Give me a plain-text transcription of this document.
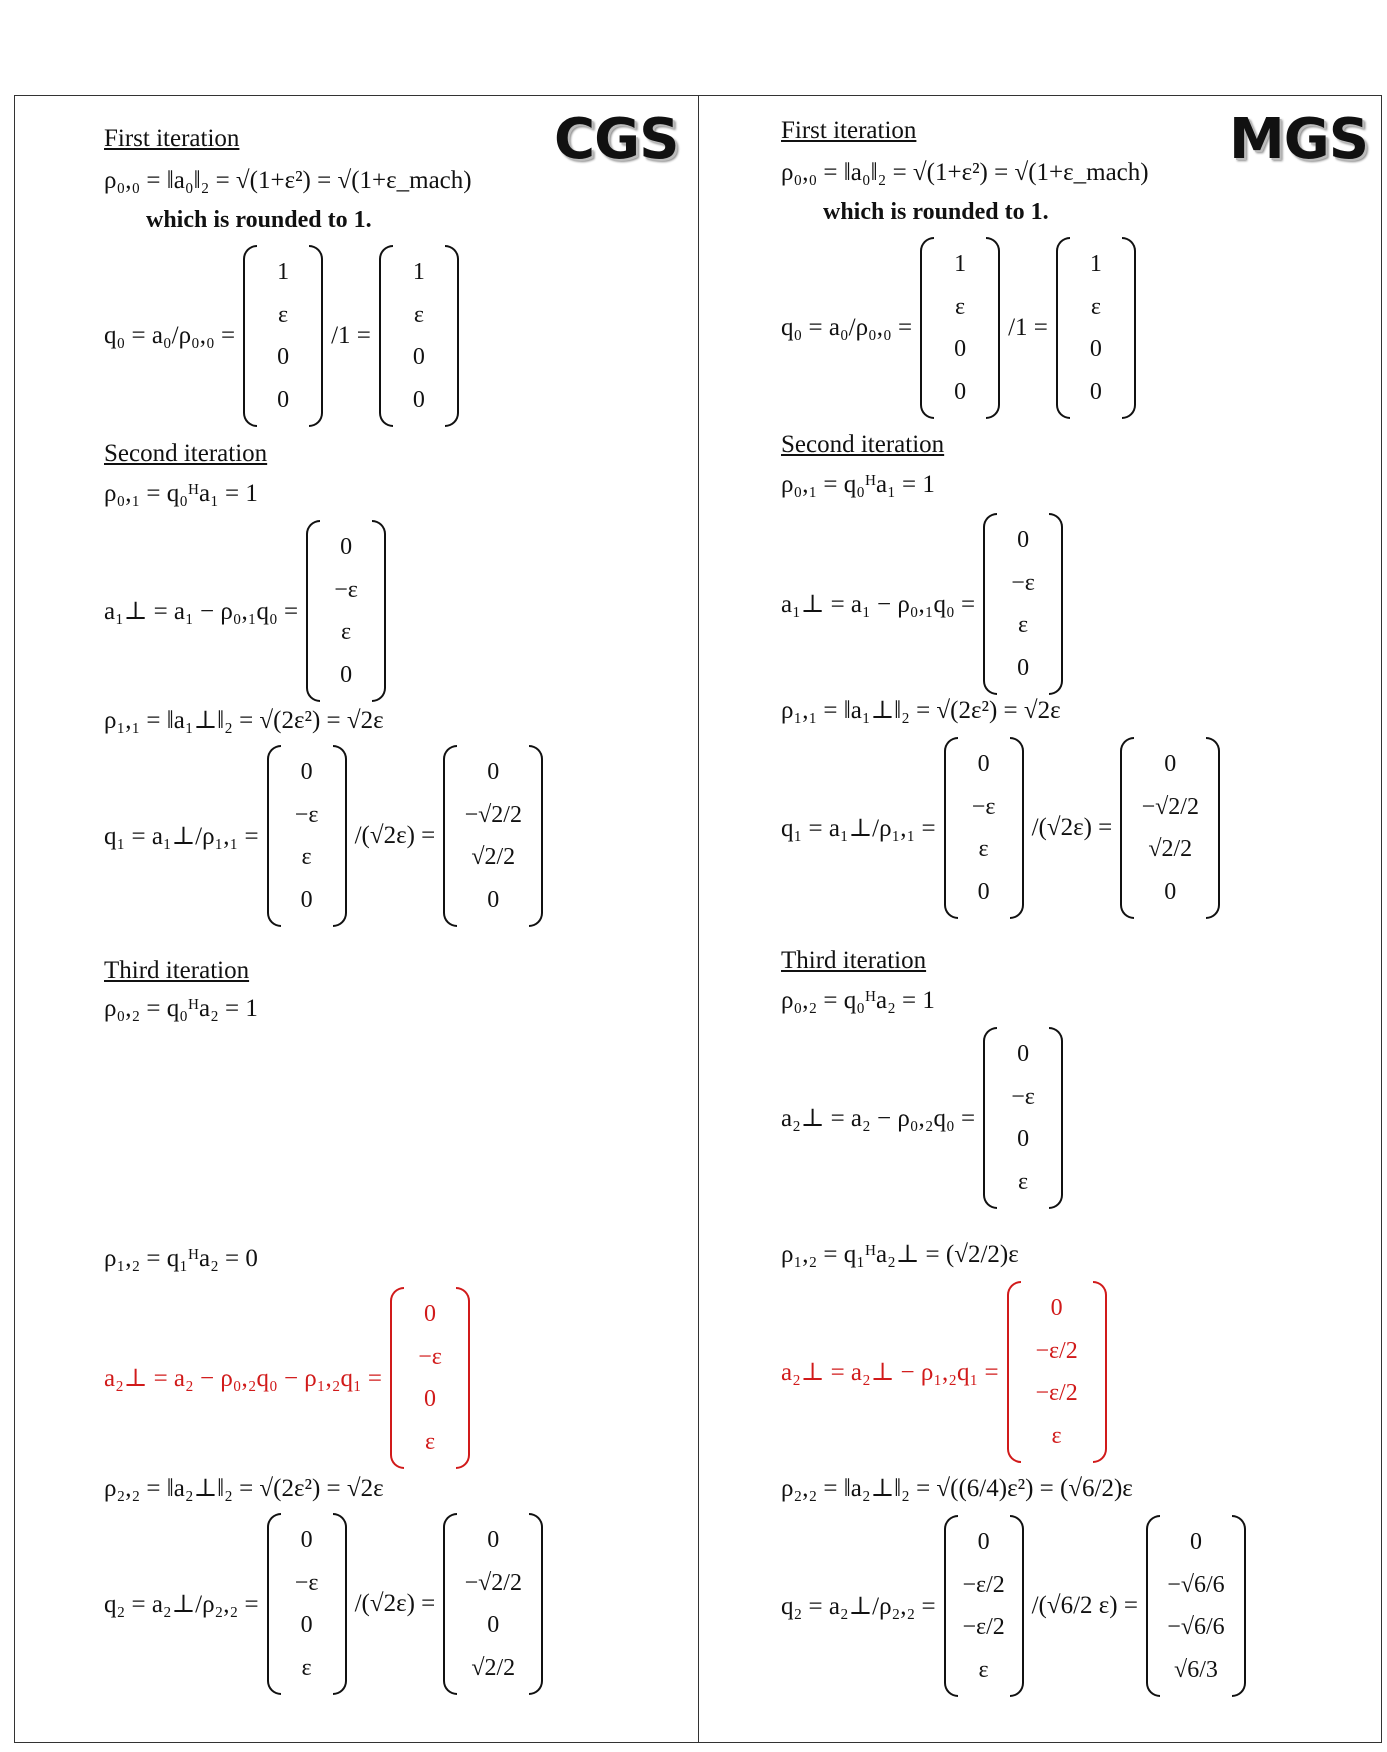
CGS
First iteration
ρ₀,₀ = ‖a₀‖₂ = √(1+ε²) = √(1+ε_mach)
which is rounded to 1.
q₀ = a₀/ρ₀,₀ =
1
ε
0
0
/1 =
1
ε
0
0
Second iteration
ρ₀,₁ = q₀ᴴa₁ = 1
a₁⊥ = a₁ − ρ₀,₁q₀ =
0
−ε
ε
0
ρ₁,₁ = ‖a₁⊥‖₂ = √(2ε²) = √2ε
q₁ = a₁⊥/ρ₁,₁ =
0
−ε
ε
0
/(√2ε) =
0
−√2/2
√2/2
0
Third iteration
ρ₀,₂ = q₀ᴴa₂ = 1
ρ₁,₂ = q₁ᴴa₂ = 0
a₂⊥ = a₂ − ρ₀,₂q₀ − ρ₁,₂q₁ =
0
−ε
0
ε
ρ₂,₂ = ‖a₂⊥‖₂ = √(2ε²) = √2ε
q₂ = a₂⊥/ρ₂,₂ =
0
−ε
0
ε
/(√2ε) =
0
−√2/2
0
√2/2
MGS
First iteration
ρ₀,₀ = ‖a₀‖₂ = √(1+ε²) = √(1+ε_mach)
which is rounded to 1.
q₀ = a₀/ρ₀,₀ =
1
ε
0
0
/1 =
1
ε
0
0
Second iteration
ρ₀,₁ = q₀ᴴa₁ = 1
a₁⊥ = a₁ − ρ₀,₁q₀ =
0
−ε
ε
0
ρ₁,₁ = ‖a₁⊥‖₂ = √(2ε²) = √2ε
q₁ = a₁⊥/ρ₁,₁ =
0
−ε
ε
0
/(√2ε) =
0
−√2/2
√2/2
0
Third iteration
ρ₀,₂ = q₀ᴴa₂ = 1
a₂⊥ = a₂ − ρ₀,₂q₀ =
0
−ε
0
ε
ρ₁,₂ = q₁ᴴa₂⊥ = (√2/2)ε
a₂⊥ = a₂⊥ − ρ₁,₂q₁ =
0
−ε/2
−ε/2
ε
ρ₂,₂ = ‖a₂⊥‖₂ = √((6/4)ε²) = (√6/2)ε
q₂ = a₂⊥/ρ₂,₂ =
0
−ε/2
−ε/2
ε
/(√6/2 ε) =
0
−√6/6
−√6/6
√6/3
